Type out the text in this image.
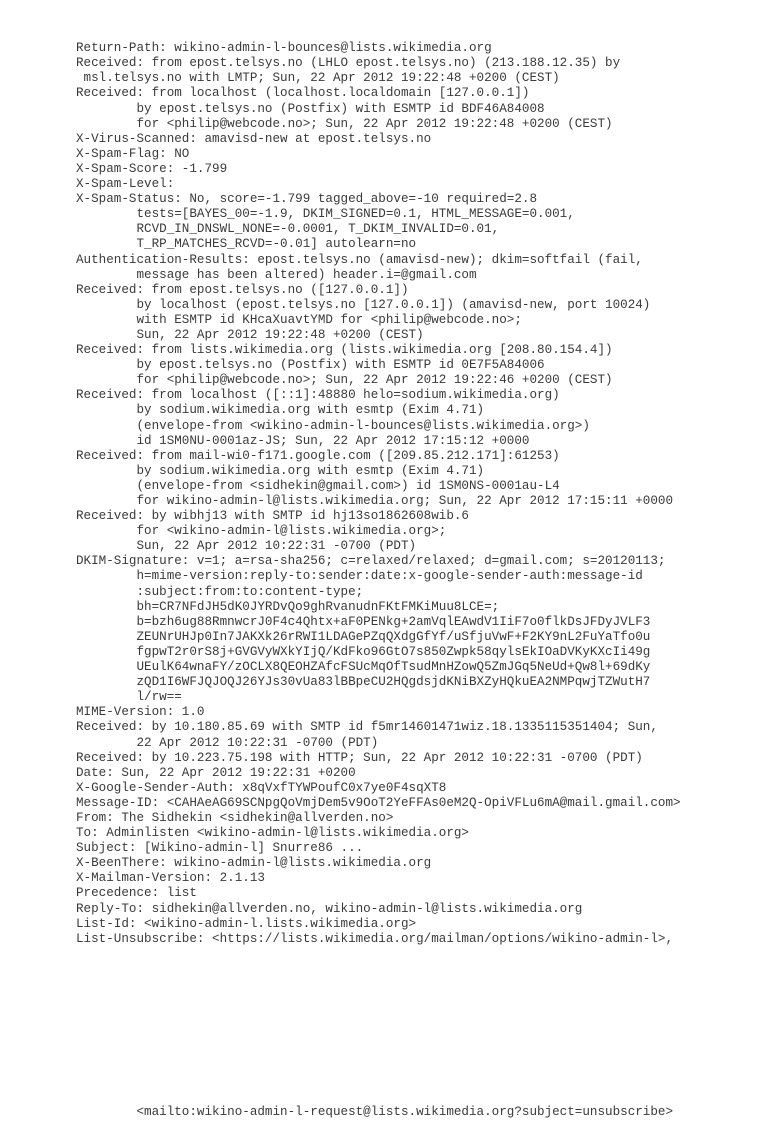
Return-Path: wikino-admin-l-bounces@lists.wikimedia.org
Received: from epost.telsys.no (LHLO epost.telsys.no) (213.188.12.35) by
msl.telsys.no with LMTP; Sun, 22 Apr 2012 19:22:48 +0200 (CEST)
Received: from localhost (localhost.localdomain [127.0.0.1])
by epost.telsys.no (Postfix) with ESMTP id BDF46A84008
for <philip@webcode.no>; Sun, 22 Apr 2012 19:22:48 +0200 (CEST)
X-Virus-Scanned: amavisd-new at epost.telsys.no
X-Spam-Flag: NO
X-Spam-Score: -1.799
X-Spam-Level:
X-Spam-Status: No, score=-1.799 tagged_above=-10 required=2.8
tests=[BAYES_00=-1.9, DKIM_SIGNED=0.1, HTML_MESSAGE=0.001,
RCVD_IN_DNSWL_NONE=-0.0001, T_DKIM_INVALID=0.01,
T_RP_MATCHES_RCVD=-0.01] autolearn=no
Authentication-Results: epost.telsys.no (amavisd-new); dkim=softfail (fail,
message has been altered) header.i=@gmail.com
Received: from epost.telsys.no ([127.0.0.1])
by localhost (epost.telsys.no [127.0.0.1]) (amavisd-new, port 10024)
with ESMTP id KHcaXuavtYMD for <philip@webcode.no>;
Sun, 22 Apr 2012 19:22:48 +0200 (CEST)
Received: from lists.wikimedia.org (lists.wikimedia.org [208.80.154.4])
by epost.telsys.no (Postfix) with ESMTP id 0E7F5A84006
for <philip@webcode.no>; Sun, 22 Apr 2012 19:22:46 +0200 (CEST)
Received: from localhost ([::1]:48880 helo=sodium.wikimedia.org)
by sodium.wikimedia.org with esmtp (Exim 4.71)
(envelope-from <wikino-admin-l-bounces@lists.wikimedia.org>)
id 1SM0NU-0001az-JS; Sun, 22 Apr 2012 17:15:12 +0000
Received: from mail-wi0-f171.google.com ([209.85.212.171]:61253)
by sodium.wikimedia.org with esmtp (Exim 4.71)
(envelope-from <sidhekin@gmail.com>) id 1SM0NS-0001au-L4
for wikino-admin-l@lists.wikimedia.org; Sun, 22 Apr 2012 17:15:11 +0000
Received: by wibhj13 with SMTP id hj13so1862608wib.6
for <wikino-admin-l@lists.wikimedia.org>;
Sun, 22 Apr 2012 10:22:31 -0700 (PDT)
DKIM-Signature: v=1; a=rsa-sha256; c=relaxed/relaxed; d=gmail.com; s=20120113;
h=mime-version:reply-to:sender:date:x-google-sender-auth:message-id
:subject:from:to:content-type;
bh=CR7NFdJH5dK0JYRDvQo9ghRvanudnFKtFMKiMuu8LCE=;
b=bzh6ug88RmnwcrJ0F4c4Qhtx+aF0PENkg+2amVqlEAwdV1IiF7o0flkDsJFDyJVLF3
ZEUNrUHJp0In7JAKXk26rRWI1LDAGePZqQXdgGfYf/uSfjuVwF+F2KY9nL2FuYaTfo0u
fgpwT2r0rS8j+GVGVyWXkYIjQ/KdFko96GtO7s850Zwpk58qylsEkIOaDVKyKXcIi49g
UEulK64wnaFY/zOCLX8QEOHZAfcFSUcMqOfTsudMnHZowQ5ZmJGq5NeUd+Qw8l+69dKy
zQD1I6WFJQJOQJ26YJs30vUa83lBBpeCU2HQgdsjdKNiBXZyHQkuEA2NMPqwjTZWutH7
l/rw==
MIME-Version: 1.0
Received: by 10.180.85.69 with SMTP id f5mr14601471wiz.18.1335115351404; Sun,
22 Apr 2012 10:22:31 -0700 (PDT)
Received: by 10.223.75.198 with HTTP; Sun, 22 Apr 2012 10:22:31 -0700 (PDT)
Date: Sun, 22 Apr 2012 19:22:31 +0200
X-Google-Sender-Auth: x8qVxfTYWPoufC0x7ye0F4sqXT8
Message-ID: <CAHAeAG69SCNpgQoVmjDem5v9OoT2YeFFAs0eM2Q-OpiVFLu6mA@mail.gmail.com>
From: The Sidhekin <sidhekin@allverden.no>
To: Adminlisten <wikino-admin-l@lists.wikimedia.org>
Subject: [Wikino-admin-l] Snurre86 ...
X-BeenThere: wikino-admin-l@lists.wikimedia.org
X-Mailman-Version: 2.1.13
Precedence: list
Reply-To: sidhekin@allverden.no, wikino-admin-l@lists.wikimedia.org
List-Id: <wikino-admin-l.lists.wikimedia.org>
List-Unsubscribe: <https://lists.wikimedia.org/mailman/options/wikino-admin-l>,

<mailto:wikino-admin-l-request@lists.wikimedia.org?subject=unsubscribe>
